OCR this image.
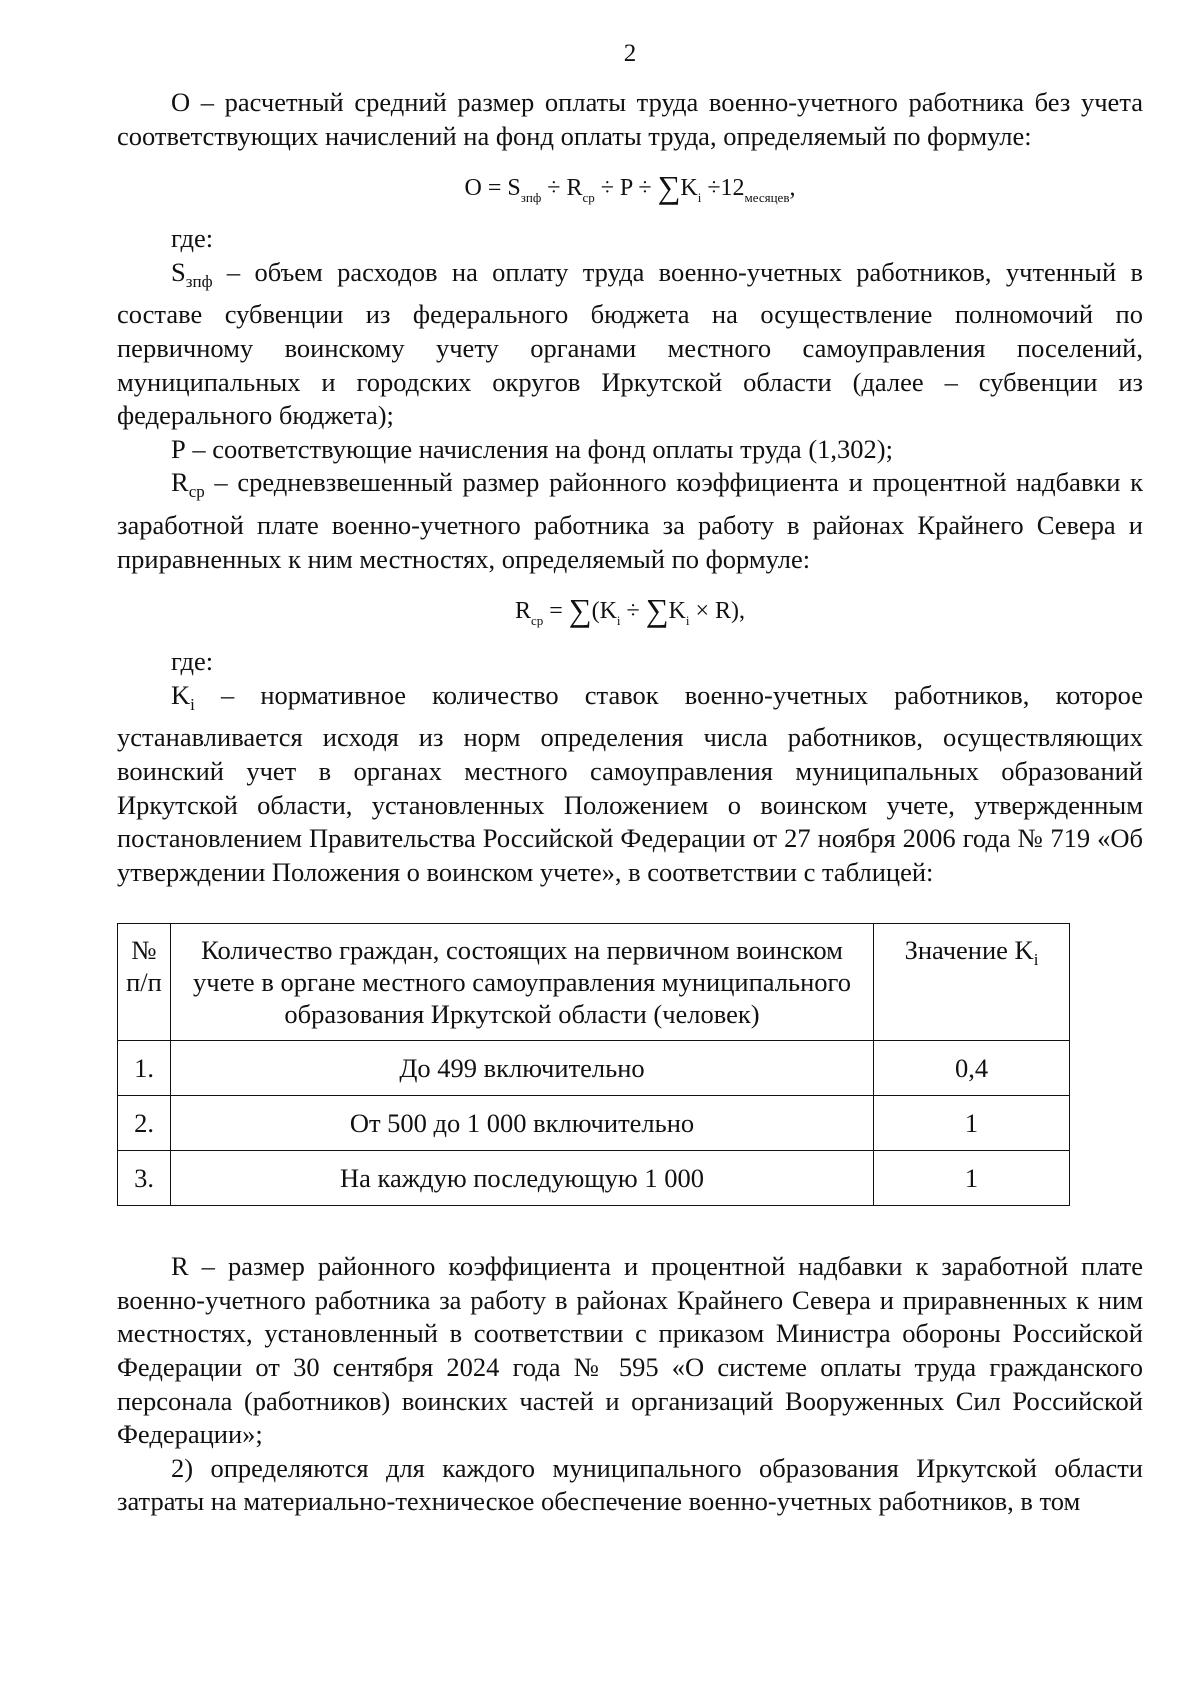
2

О – расчетный средний размер оплаты труда военно-учетного работника без учета соответствующих начислений на фонд оплаты труда, определяемый по формуле:

$O = S_{зпф} \div R_{ср} \div P \div \sum K_i \div 12_{месяцев}$,

где:

$S_{зпф}$ – объем расходов на оплату труда военно-учетных работников, учтенный в составе субвенции из федерального бюджета на осуществление полномочий по первичному воинскому учету органами местного самоуправления поселений, муниципальных и городских округов Иркутской области (далее – субвенции из федерального бюджета);

Р – соответствующие начисления на фонд оплаты труда (1,302);

$R_{ср}$ – средневзвешенный размер районного коэффициента и процентной надбавки к заработной плате военно-учетного работника за работу в районах Крайнего Севера и приравненных к ним местностях, определяемый по формуле:

$R_{ср} = \sum(K_i \div \sum K_i \times R)$,

где:

$K_i$ – нормативное количество ставок военно-учетных работников, которое устанавливается исходя из норм определения числа работников, осуществляющих воинский учет в органах местного самоуправления муниципальных образований Иркутской области, установленных Положением о воинском учете, утвержденным постановлением Правительства Российской Федерации от 27 ноября 2006 года № 719 «Об утверждении Положения о воинском учете», в соответствии с таблицей:

№ п/п	Количество граждан, состоящих на первичном воинском учете в органе местного самоуправления муниципального образования Иркутской области (человек)	Значение $K_i$
1.	До 499 включительно	0,4
2.	От 500 до 1 000 включительно	1
3.	На каждую последующую 1 000	1

R – размер районного коэффициента и процентной надбавки к заработной плате военно-учетного работника за работу в районах Крайнего Севера и приравненных к ним местностях, установленный в соответствии с приказом Министра обороны Российской Федерации от 30 сентября 2024 года № 595 «О системе оплаты труда гражданского персонала (работников) воинских частей и организаций Вооруженных Сил Российской Федерации»;

2) определяются для каждого муниципального образования Иркутской области затраты на материально-техническое обеспечение военно-учетных работников, в том
